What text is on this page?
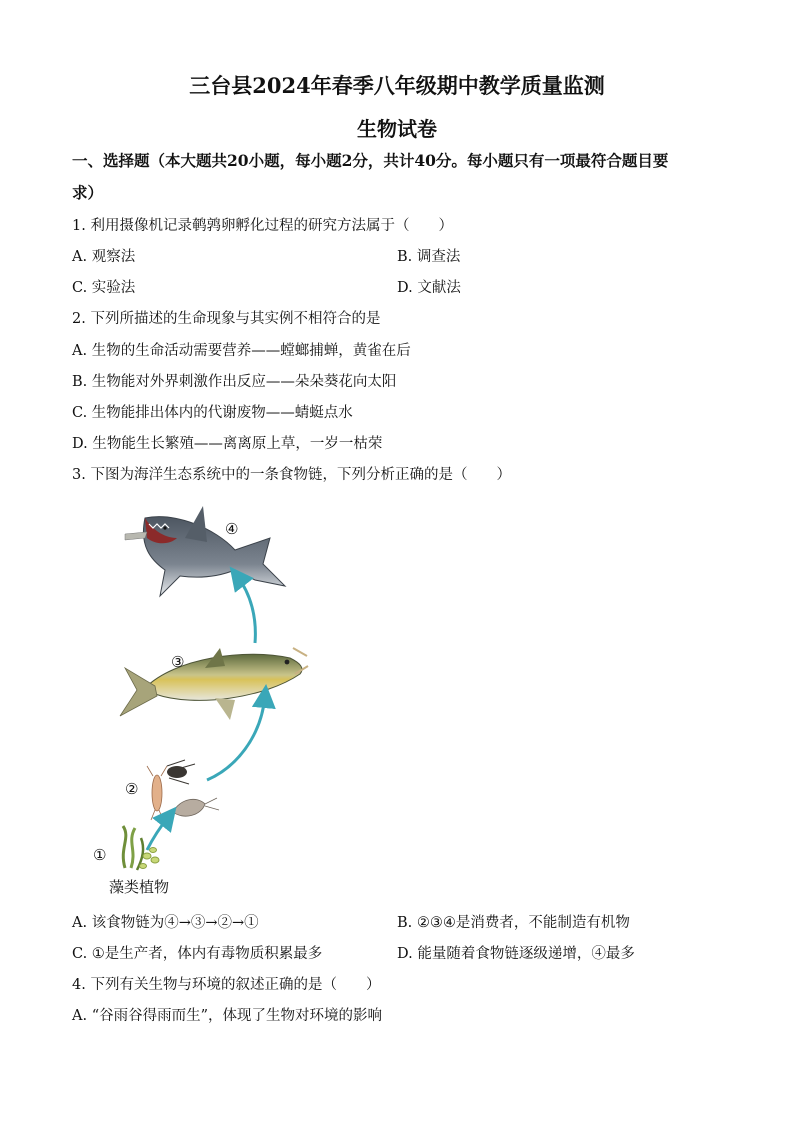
三台县2024年春季八年级期中教学质量监测
生物试卷
一、选择题（本大题共20小题，每小题2分，共计40分。每小题只有一项最符合题目要
求）
1. 利用摄像机记录鹌鹑卵孵化过程的研究方法属于（　　）
A. 观察法	B. 调查法
C. 实验法	D. 文献法
2. 下列所描述的生命现象与其实例不相符合的是
A. 生物的生命活动需要营养——螳螂捕蝉，黄雀在后
B. 生物能对外界刺激作出反应——朵朵葵花向太阳
C. 生物能排出体内的代谢废物——蜻蜓点水
D. 生物能生长繁殖——离离原上草，一岁一枯荣
3. 下图为海洋生态系统中的一条食物链，下列分析正确的是（　　）
④
③
②
①
藻类植物
A. 该食物链为④→③→②→①	B. ②③④是消费者，不能制造有机物
C. ①是生产者，体内有毒物质积累最多	D. 能量随着食物链逐级递增，④最多
4. 下列有关生物与环境的叙述正确的是（　　）
A. “谷雨谷得雨而生”，体现了生物对环境的影响
